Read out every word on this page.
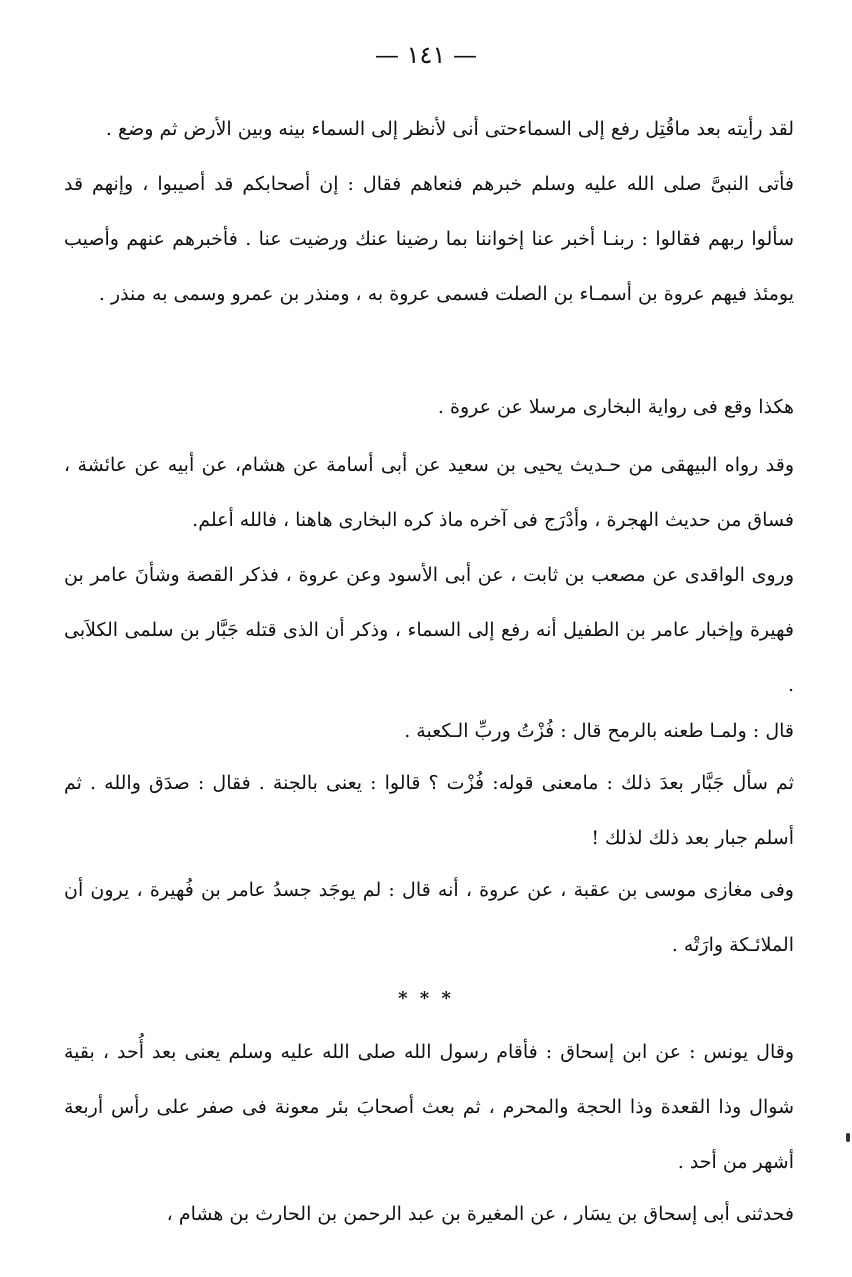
— ١٤١ —

لقد رأيته بعد ماقُتِل رفع إلى السماءحتى أنى لأنظر إلى السماء بينه وبين الأرض ثم وضع .

فأتى النبىَّ صلى الله عليه وسلم خبرهم فنعاهم فقال : إن أصحابكم قد أصيبوا ، وإنهم قد سألوا ربهم فقالوا : ربنـا أخبر عنا إخواننا بما رضينا عنك ورضيت عنا . فأخبرهم عنهم وأصيب يومئذ فيهم عروة بن أسمـاء بن الصلت فسمى عروة به ، ومنذر بن عمرو وسمى به منذر .

هكذا وقع فى رواية البخارى مرسلا عن عروة .

وقد رواه البيهقى من حـديث يحيى بن سعيد عن أبى أسامة عن هشام، عن أبيه عن عائشة ، فساق من حديث الهجرة ، وأدْرَج فى آخره ماذ كره البخارى هاهنا ، فالله أعلم.

وروى الواقدى عن مصعب بن ثابت ، عن أبى الأسود وعن عروة ، فذكر القصة وشأنَ عامر بن فهيرة وإخبار عامر بن الطفيل أنه رفع إلى السماء ، وذكر أن الذى قتله جَبَّار بن سلمى الكلاَبى .

قال : ولمـا طعنه بالرمح قال : فُزْتُ وربِّ الـكعبة .

ثم سأل جَبَّار بعدَ ذلك : مامعنى قوله: فُزْت ؟ قالوا : يعنى بالجنة . فقال : صدَق والله . ثم أسلم جبار بعد ذلك لذلك !

وفى مغازى موسى بن عقبة ، عن عروة ، أنه قال : لم يوجَد جسدُ عامر بن فُهيرة ، يرون أن الملائـكة وارَتْه .

* * *

وقال يونس : عن ابن إسحاق : فأقام رسول الله صلى الله عليه وسلم يعنى بعد أُحد ، بقية شوال وذا القعدة وذا الحجة والمحرم ، ثم بعث أصحابَ بئر معونة فى صفر على رأس أربعة أشهر من أحد .

فحدثنى أبى إسحاق بن يسَار ، عن المغيرة بن عبد الرحمن بن الحارث بن هشام ،
